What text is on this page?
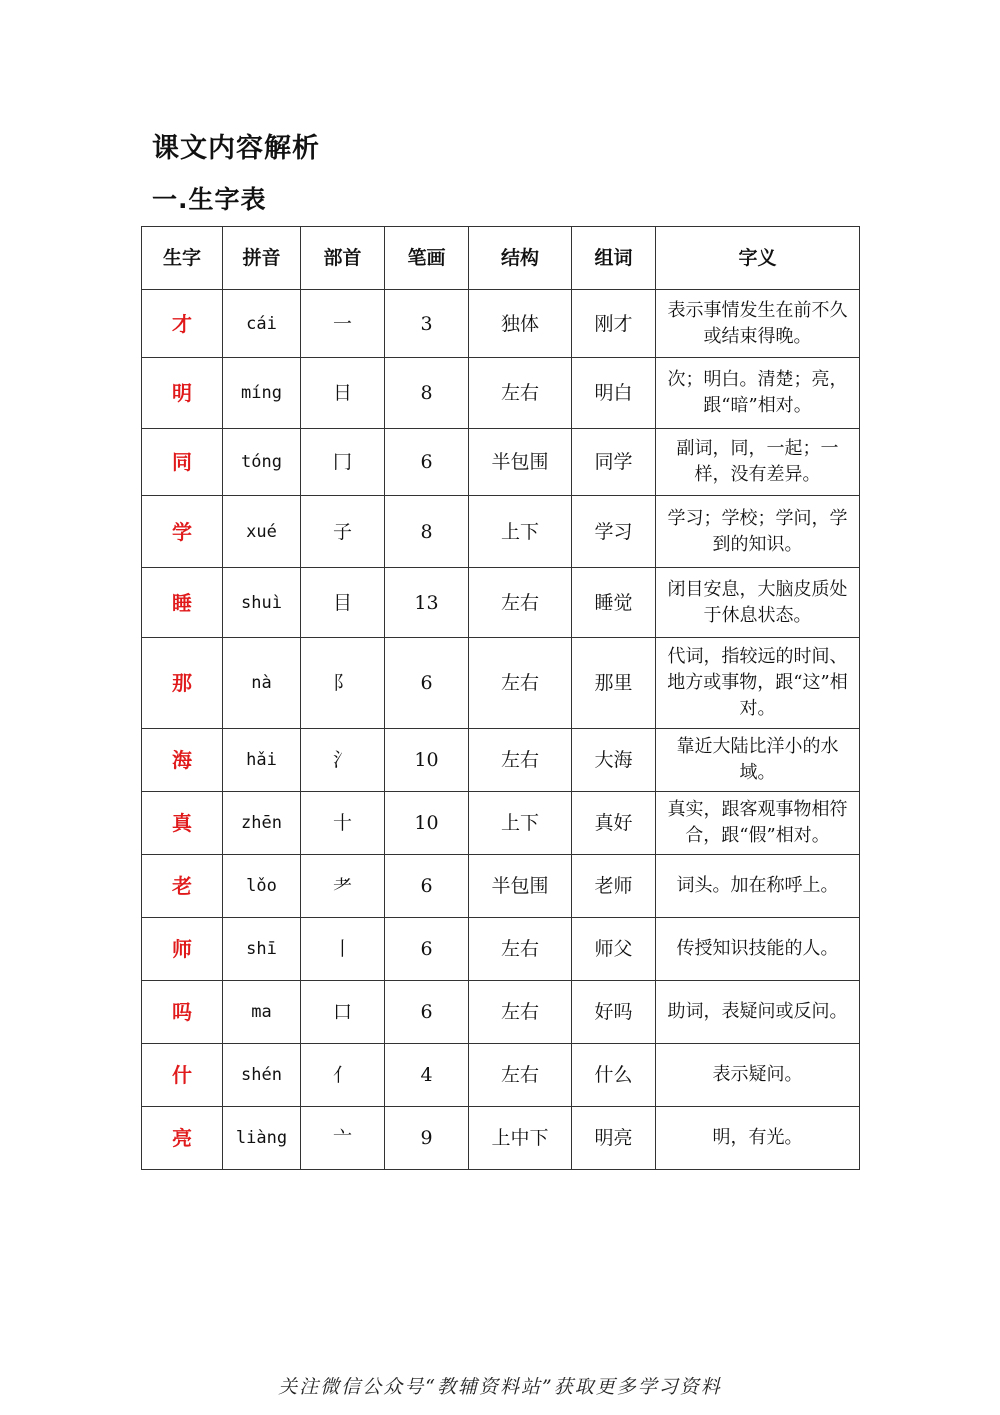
课文内容解析
一.生字表
生字	拼音	部首	笔画	结构	组词	字义
才	cái	一	3	独体	刚才	表示事情发生在前不久或结束得晚。
明	míng	日	8	左右	明白	次；明白。清楚；亮，跟“暗”相对。
同	tóng	冂	6	半包围	同学	副词，同，一起；一样，没有差异。
学	xué	子	8	上下	学习	学习；学校；学问，学到的知识。
睡	shuì	目	13	左右	睡觉	闭目安息，大脑皮质处于休息状态。
那	nà	阝	6	左右	那里	代词，指较远的时间、地方或事物，跟“这”相对。
海	hǎi	氵	10	左右	大海	靠近大陆比洋小的水域。
真	zhēn	十	10	上下	真好	真实，跟客观事物相符合，跟“假”相对。
老	lǒo	耂	6	半包围	老师	词头。加在称呼上。
师	shī	丨	6	左右	师父	传授知识技能的人。
吗	ma	口	6	左右	好吗	助词，表疑问或反问。
什	shén	亻	4	左右	什么	表示疑问。
亮	liàng	亠	9	上中下	明亮	明，有光。
关注微信公众号“教辅资料站”获取更多学习资料
